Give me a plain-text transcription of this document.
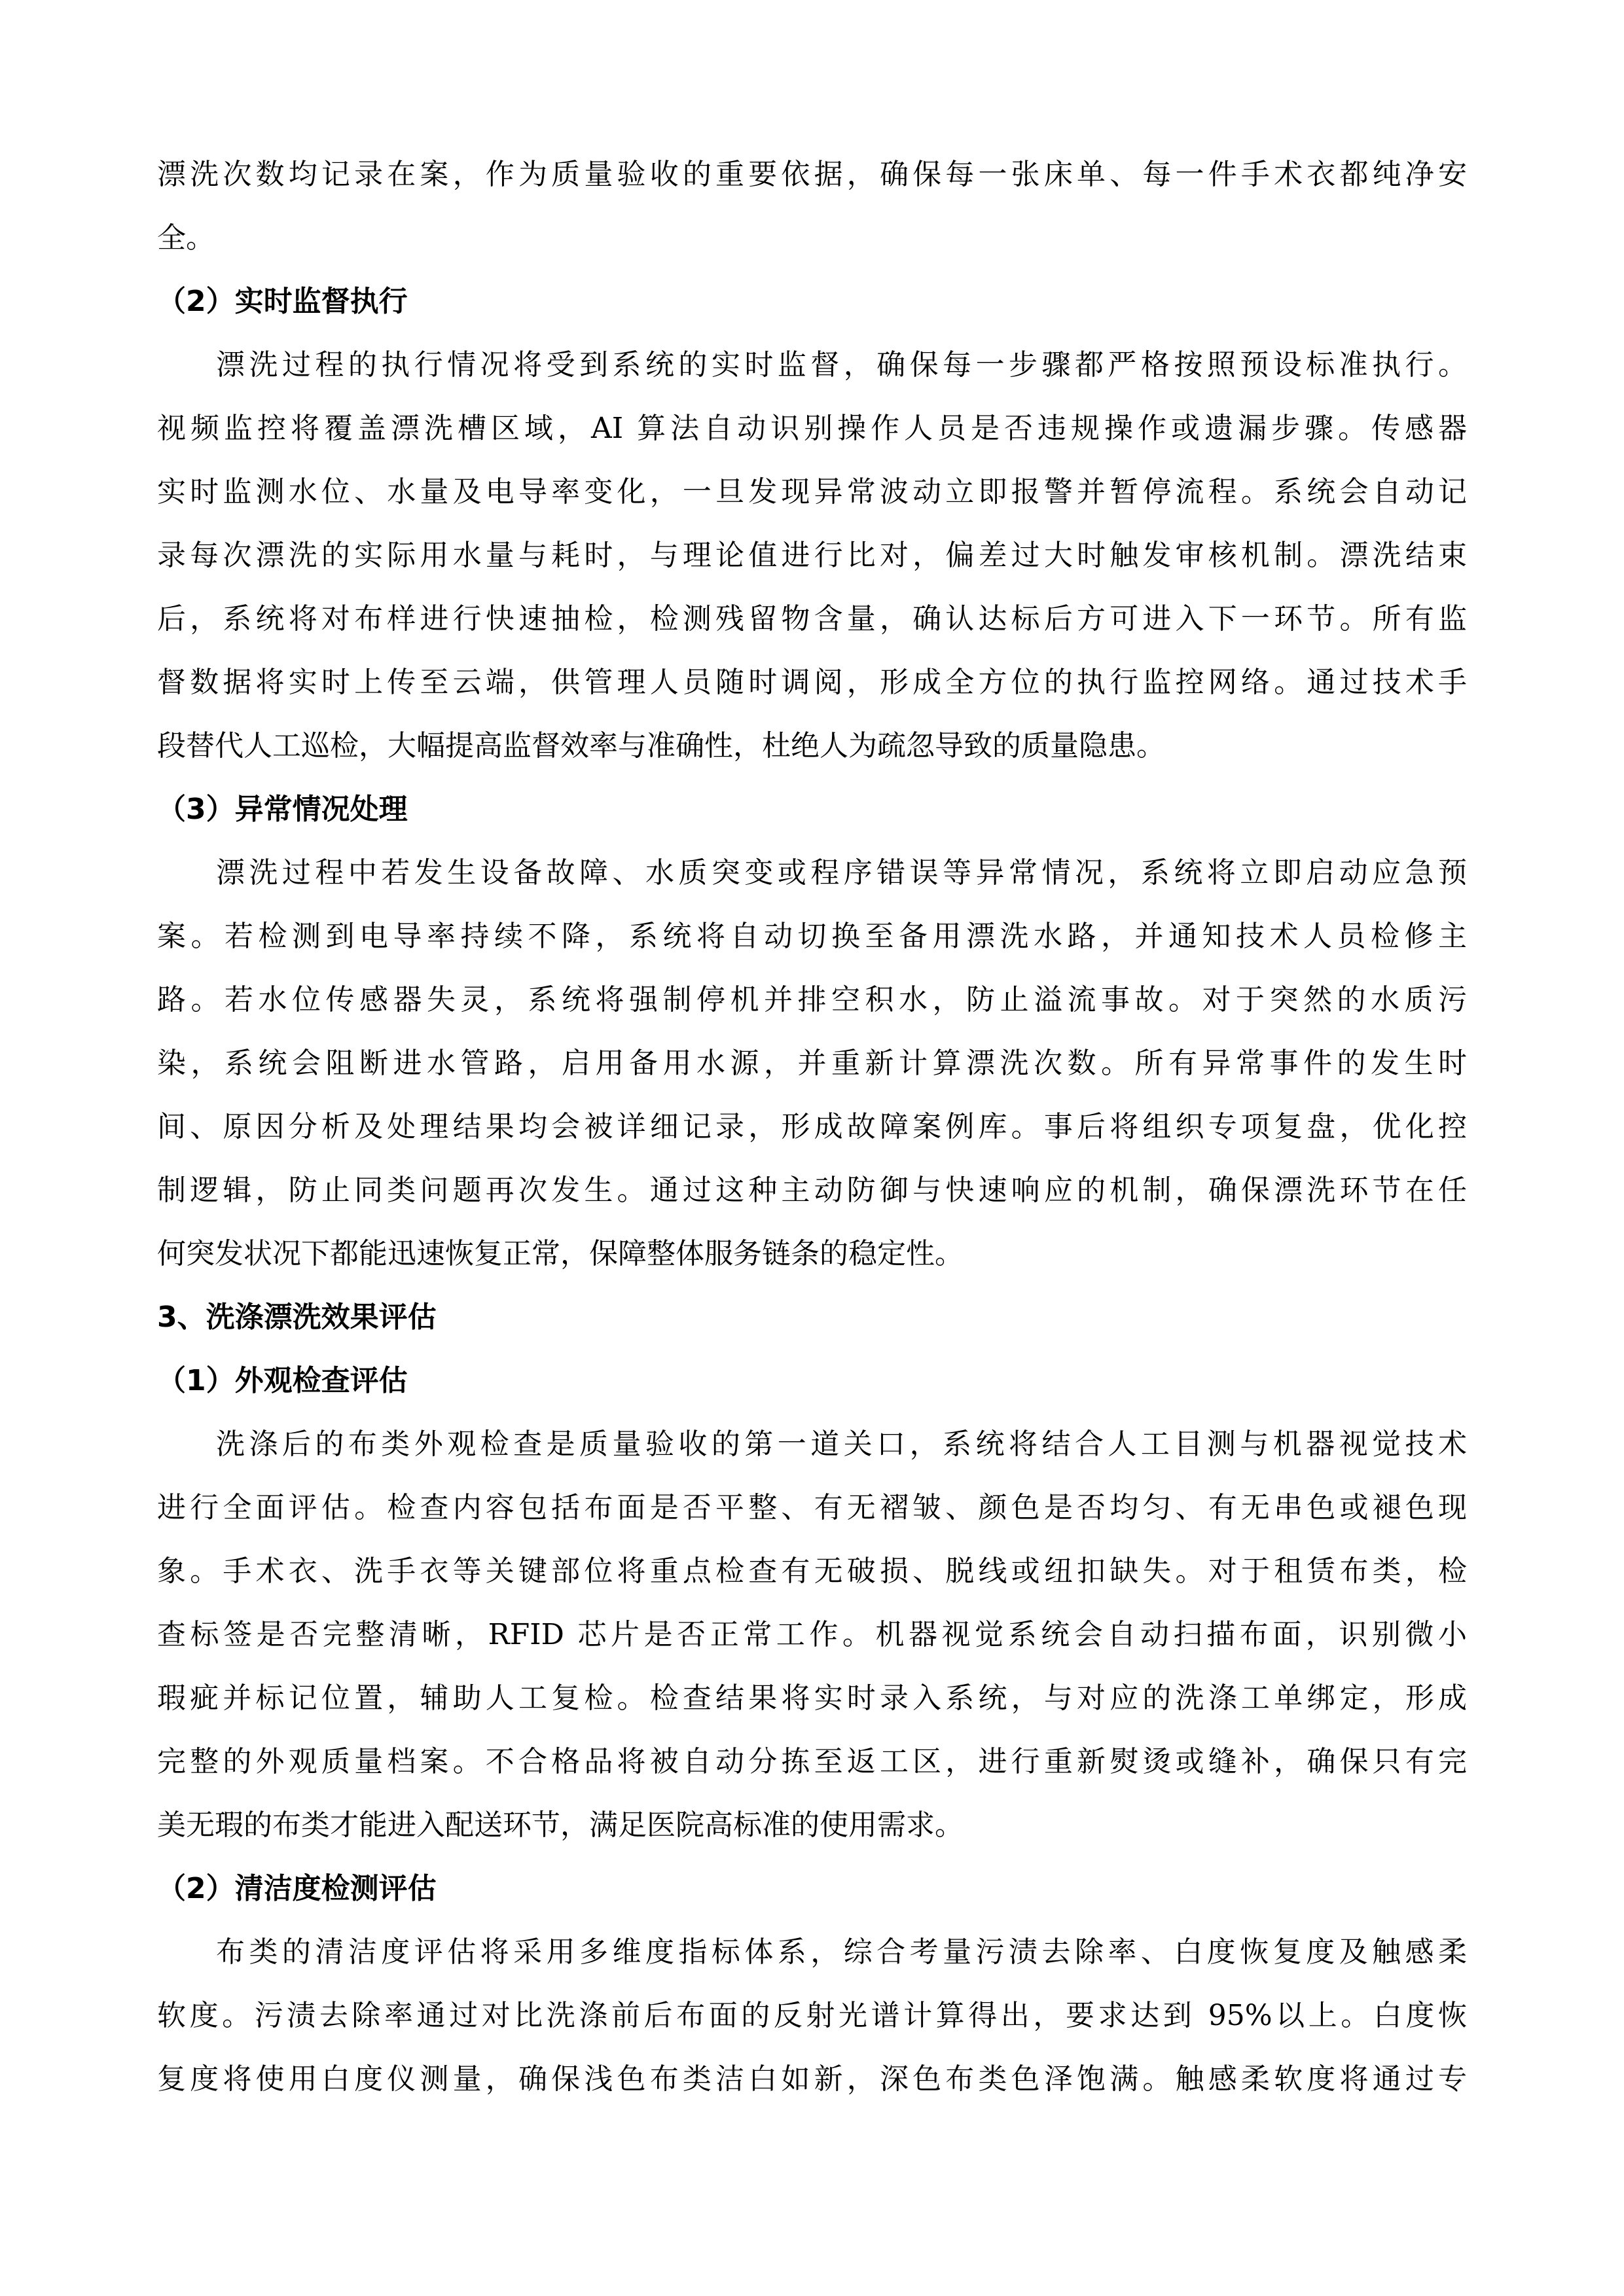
漂洗次数均记录在案，作为质量验收的重要依据，确保每一张床单、每一件手术衣都纯净安
全。
（2）实时监督执行
漂洗过程的执行情况将受到系统的实时监督，确保每一步骤都严格按照预设标准执行。
视频监控将覆盖漂洗槽区域，AI 算法自动识别操作人员是否违规操作或遗漏步骤。传感器
实时监测水位、水量及电导率变化，一旦发现异常波动立即报警并暂停流程。系统会自动记
录每次漂洗的实际用水量与耗时，与理论值进行比对，偏差过大时触发审核机制。漂洗结束
后，系统将对布样进行快速抽检，检测残留物含量，确认达标后方可进入下一环节。所有监
督数据将实时上传至云端，供管理人员随时调阅，形成全方位的执行监控网络。通过技术手
段替代人工巡检，大幅提高监督效率与准确性，杜绝人为疏忽导致的质量隐患。
（3）异常情况处理
漂洗过程中若发生设备故障、水质突变或程序错误等异常情况，系统将立即启动应急预
案。若检测到电导率持续不降，系统将自动切换至备用漂洗水路，并通知技术人员检修主
路。若水位传感器失灵，系统将强制停机并排空积水，防止溢流事故。对于突然的水质污
染，系统会阻断进水管路，启用备用水源，并重新计算漂洗次数。所有异常事件的发生时
间、原因分析及处理结果均会被详细记录，形成故障案例库。事后将组织专项复盘，优化控
制逻辑，防止同类问题再次发生。通过这种主动防御与快速响应的机制，确保漂洗环节在任
何突发状况下都能迅速恢复正常，保障整体服务链条的稳定性。
3、洗涤漂洗效果评估
（1）外观检查评估
洗涤后的布类外观检查是质量验收的第一道关口，系统将结合人工目测与机器视觉技术
进行全面评估。检查内容包括布面是否平整、有无褶皱、颜色是否均匀、有无串色或褪色现
象。手术衣、洗手衣等关键部位将重点检查有无破损、脱线或纽扣缺失。对于租赁布类，检
查标签是否完整清晰，RFID 芯片是否正常工作。机器视觉系统会自动扫描布面，识别微小
瑕疵并标记位置，辅助人工复检。检查结果将实时录入系统，与对应的洗涤工单绑定，形成
完整的外观质量档案。不合格品将被自动分拣至返工区，进行重新熨烫或缝补，确保只有完
美无瑕的布类才能进入配送环节，满足医院高标准的使用需求。
（2）清洁度检测评估
布类的清洁度评估将采用多维度指标体系，综合考量污渍去除率、白度恢复度及触感柔
软度。污渍去除率通过对比洗涤前后布面的反射光谱计算得出，要求达到 95%以上。白度恢
复度将使用白度仪测量，确保浅色布类洁白如新，深色布类色泽饱满。触感柔软度将通过专
